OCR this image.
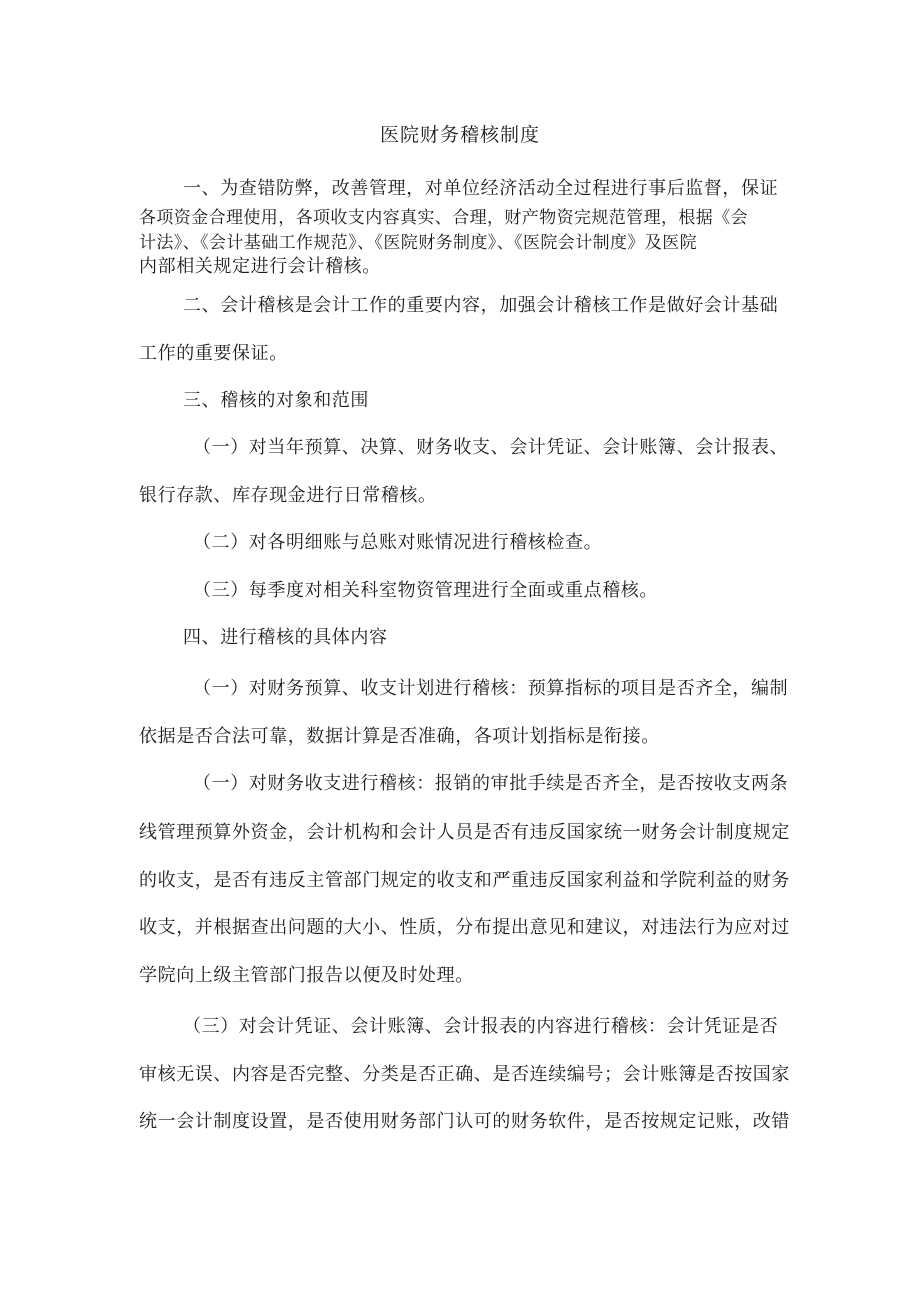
医院财务稽核制度
一、为查错防弊，改善管理，对单位经济活动全过程进行事后监督，保证
各项资金合理使用，各项收支内容真实、合理，财产物资完规范管理，根据《会
计法》、《会计基础工作规范》、《医院财务制度》、《医院会计制度》及医院
内部相关规定进行会计稽核。
二、会计稽核是会计工作的重要内容，加强会计稽核工作是做好会计基础
工作的重要保证。
三、稽核的对象和范围
（一）对当年预算、决算、财务收支、会计凭证、会计账簿、会计报表、
银行存款、库存现金进行日常稽核。
（二）对各明细账与总账对账情况进行稽核检查。
（三）每季度对相关科室物资管理进行全面或重点稽核。
四、进行稽核的具体内容
（一）对财务预算、收支计划进行稽核：预算指标的项目是否齐全，编制
依据是否合法可靠，数据计算是否准确，各项计划指标是衔接。
（一）对财务收支进行稽核：报销的审批手续是否齐全，是否按收支两条
线管理预算外资金，会计机构和会计人员是否有违反国家统一财务会计制度规定
的收支，是否有违反主管部门规定的收支和严重违反国家利益和学院利益的财务
收支，并根据查出问题的大小、性质，分布提出意见和建议，对违法行为应对过
学院向上级主管部门报告以便及时处理。
（三）对会计凭证、会计账簿、会计报表的内容进行稽核：会计凭证是否
审核无误、内容是否完整、分类是否正确、是否连续编号；会计账簿是否按国家
统一会计制度设置，是否使用财务部门认可的财务软件，是否按规定记账，改错
